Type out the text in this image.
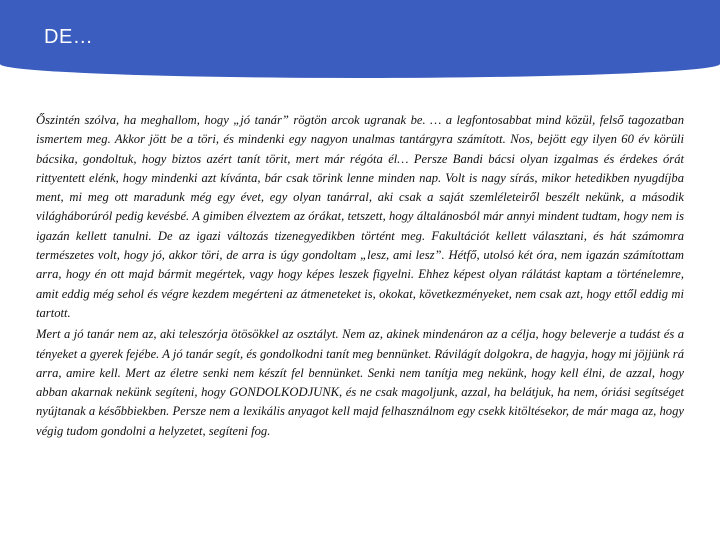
DE…

Őszintén szólva, ha meghallom, hogy „jó tanár” rögtön arcok ugranak be. … a legfontosabbat mind közül, felső tagozatban ismertem meg. Akkor jött be a töri, és mindenki egy nagyon unalmas tantárgyra számított. Nos, bejött egy ilyen 60 év körüli bácsika, gondoltuk, hogy biztos azért tanít törit, mert már régóta él… Persze Bandi bácsi olyan izgalmas és érdekes órát rittyentett elénk, hogy mindenki azt kívánta, bár csak törink lenne minden nap. Volt is nagy sírás, mikor hetedikben nyugdíjba ment, mi meg ott maradunk még egy évet, egy olyan tanárral, aki csak a saját szemléleteiről beszélt nekünk, a második világháborúról pedig kevésbé. A gimiben élveztem az órákat, tetszett, hogy általánosból már annyi mindent tudtam, hogy nem is igazán kellett tanulni. De az igazi változás tizenegyedikben történt meg. Fakultációt kellett választani, és hát számomra természetes volt, hogy jó, akkor töri, de arra is úgy gondoltam „lesz, ami lesz”. Hétfő, utolsó két óra, nem igazán számítottam arra, hogy én ott majd bármit megértek, vagy hogy képes leszek figyelni. Ehhez képest olyan rálátást kaptam a történelemre, amit eddig még sehol és végre kezdem megérteni az átmeneteket is, okokat, következményeket, nem csak azt, hogy ettől eddig mi tartott.

Mert a jó tanár nem az, aki teleszórja ötösökkel az osztályt. Nem az, akinek mindenáron az a célja, hogy beleverje a tudást és a tényeket a gyerek fejébe. A jó tanár segít, és gondolkodni tanít meg bennünket. Rávilágít dolgokra, de hagyja, hogy mi jöjjünk rá arra, amire kell. Mert az életre senki nem készít fel bennünket. Senki nem tanítja meg nekünk, hogy kell élni, de azzal, hogy abban akarnak nekünk segíteni, hogy GONDOLKODJUNK, és ne csak magoljunk, azzal, ha belátjuk, ha nem, óriási segítséget nyújtanak a későbbiekben. Persze nem a lexikális anyagot kell majd felhasználnom egy csekk kitöltésekor, de már maga az, hogy végig tudom gondolni a helyzetet, segíteni fog.
